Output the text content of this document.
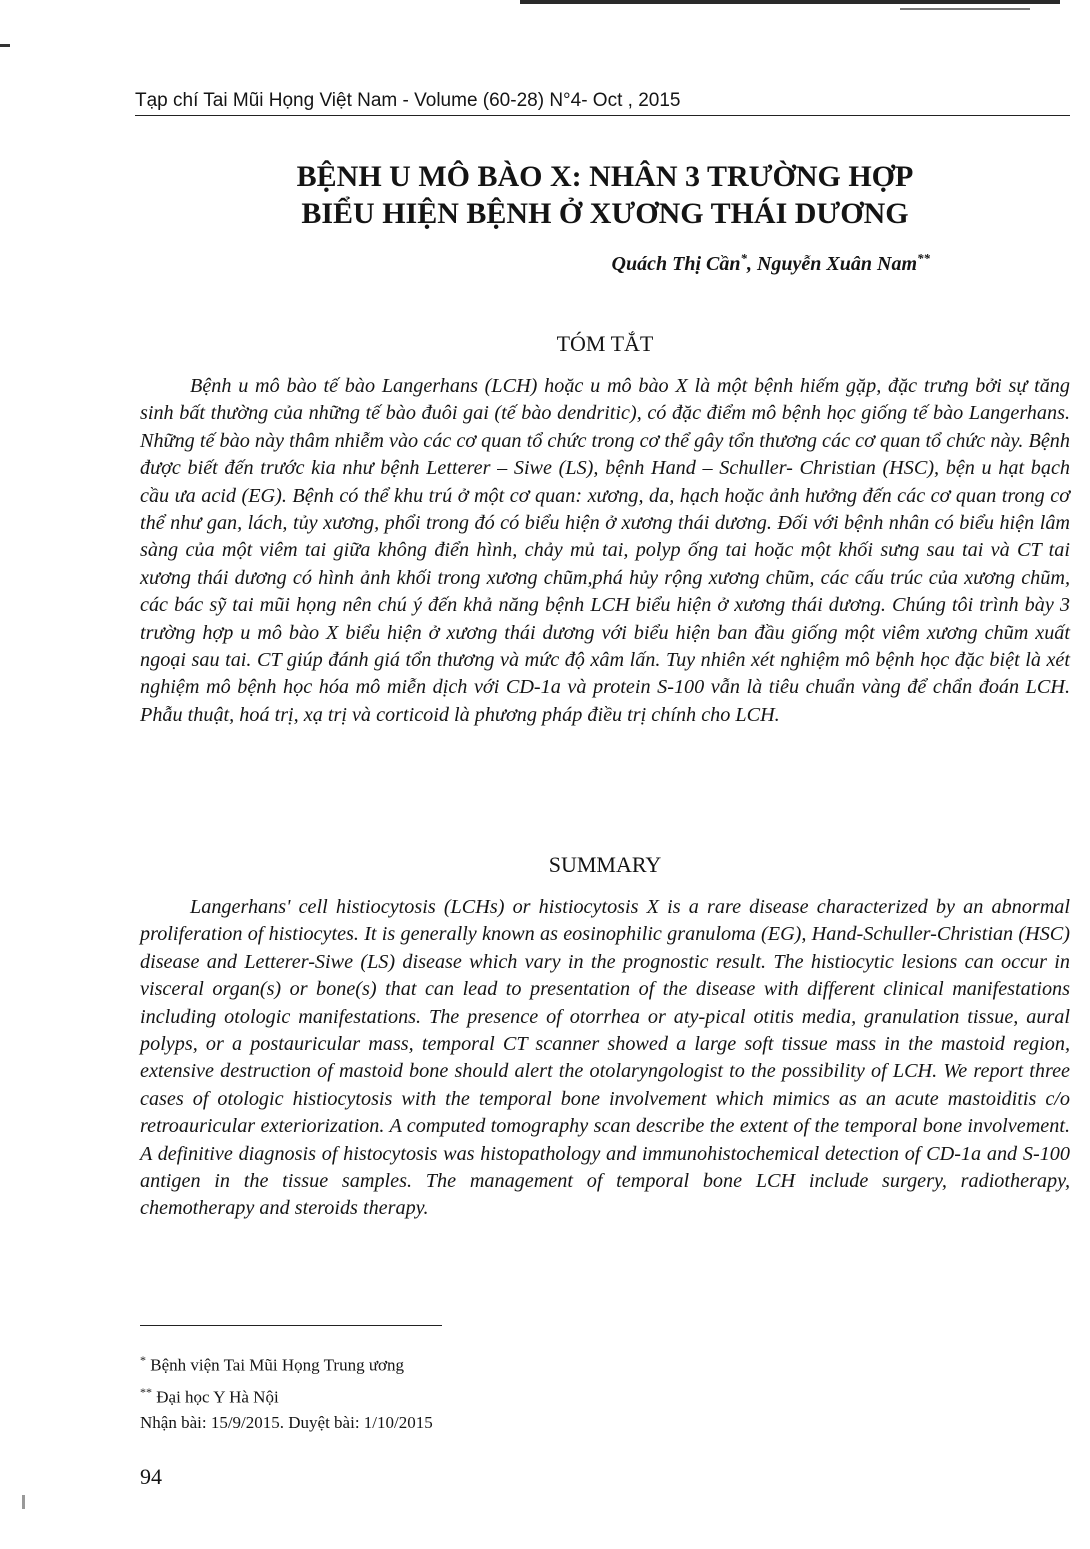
Tạp chí Tai Mũi Họng Việt Nam - Volume (60-28) N°4- Oct , 2015
BỆNH U MÔ BÀO X: NHÂN 3 TRƯỜNG HỢP
BIỂU HIỆN BỆNH Ở XƯƠNG THÁI DƯƠNG
Quách Thị Cần*, Nguyễn Xuân Nam**
TÓM TẮT

Bệnh u mô bào tế bào Langerhans (LCH) hoặc u mô bào X là một bệnh hiếm gặp, đặc trưng bởi sự tăng sinh bất thường của những tế bào đuôi gai (tế bào dendritic), có đặc điểm mô bệnh học giống tế bào Langerhans. Những tế bào này thâm nhiễm vào các cơ quan tổ chức trong cơ thể gây tổn thương các cơ quan tổ chức này. Bệnh được biết đến trước kia như bệnh Letterer – Siwe (LS), bệnh Hand – Schuller- Christian (HSC), bện u hạt bạch cầu ưa acid (EG). Bệnh có thể khu trú ở một cơ quan: xương, da, hạch hoặc ảnh hưởng đến các cơ quan trong cơ thể như gan, lách, tủy xương, phổi trong đó có biểu hiện ở xương thái dương. Đối với bệnh nhân có biểu hiện lâm sàng của một viêm tai giữa không điển hình, chảy mủ tai, polyp ống tai hoặc một khối sưng sau tai và CT tai xương thái dương có hình ảnh khối trong xương chũm,phá hủy rộng xương chũm, các cấu trúc của xương chũm, các bác sỹ tai mũi họng nên chú ý đến khả năng bệnh LCH biểu hiện ở xương thái dương. Chúng tôi trình bày 3 trường hợp u mô bào X biểu hiện ở xương thái dương với biểu hiện ban đầu giống một viêm xương chũm xuất ngoại sau tai. CT giúp đánh giá tổn thương và mức độ xâm lấn. Tuy nhiên xét nghiệm mô bệnh học đặc biệt là xét nghiệm mô bệnh học hóa mô miễn dịch với CD-1a và protein S-100 vẫn là tiêu chuẩn vàng để chẩn đoán LCH. Phẫu thuật, hoá trị, xạ trị và corticoid là phương pháp điều trị chính cho LCH.

SUMMARY

Langerhans' cell histiocytosis (LCHs) or histiocytosis X is a rare disease characterized by an abnormal proliferation of histiocytes. It is generally known as eosinophilic granuloma (EG), Hand-Schuller-Christian (HSC) disease and Letterer-Siwe (LS) disease which vary in the prognostic result. The histiocytic lesions can occur in visceral organ(s) or bone(s) that can lead to presentation of the disease with different clinical manifestations including otologic manifestations. The presence of otorrhea or aty-pical otitis media, granulation tissue, aural polyps, or a postauricular mass, temporal CT scanner showed a large soft tissue mass in the mastoid region, extensive destruction of mastoid bone should alert the otolaryngologist to the possibility of LCH. We report three cases of otologic histiocytosis with the temporal bone involvement which mimics as an acute mastoiditis c/o retroauricular exteriorization. A computed tomography scan describe the extent of the temporal bone involvement. A definitive diagnosis of histocytosis was histopathology and immunohistochemical detection of CD-1a and S-100 antigen in the tissue samples. The management of temporal bone LCH include surgery, radiotherapy, chemotherapy and steroids therapy.

* Bệnh viện Tai Mũi Họng Trung ương
** Đại học Y Hà Nội
Nhận bài: 15/9/2015. Duyệt bài: 1/10/2015
94
